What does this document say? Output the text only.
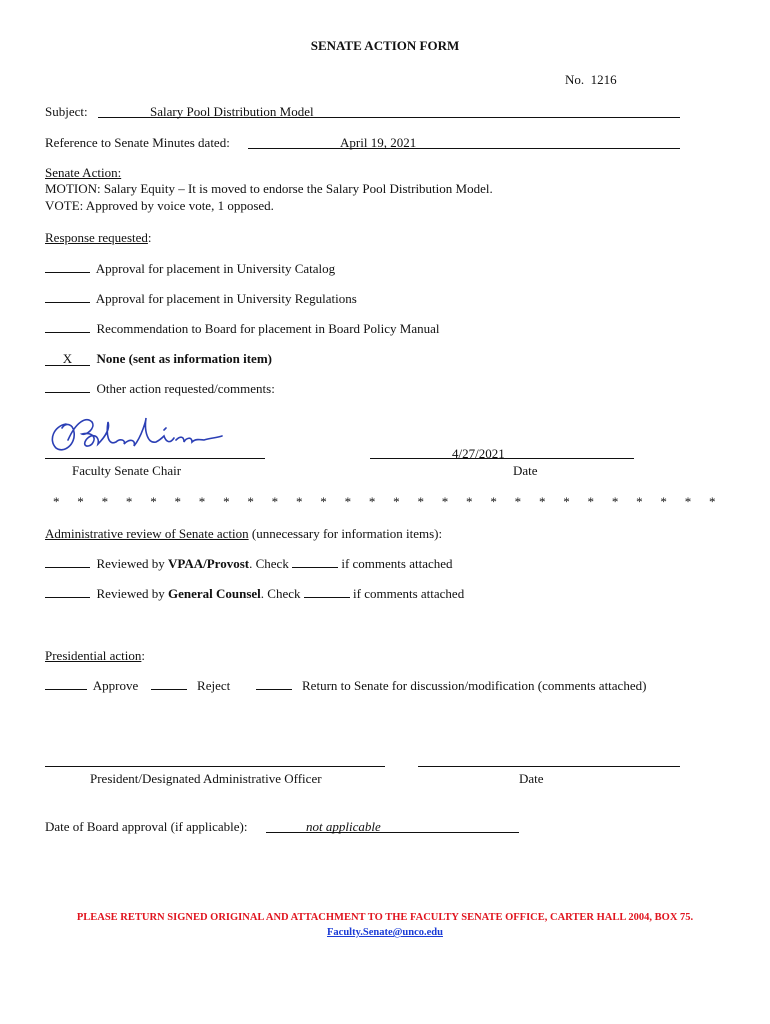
SENATE ACTION FORM
No. 1216
Subject:	Salary Pool Distribution Model
Reference to Senate Minutes dated:	April 19, 2021
Senate Action:
MOTION: Salary Equity – It is moved to endorse the Salary Pool Distribution Model.
VOTE: Approved by voice vote, 1 opposed.
Response requested:
Approval for placement in University Catalog
Approval for placement in University Regulations
Recommendation to Board for placement in Board Policy Manual
X None (sent as information item)
Other action requested/comments:
Faculty Senate Chair
4/27/2021
Date
* * * * * * * * * * * * * * * * * * * * * * * * * * * *
Administrative review of Senate action (unnecessary for information items):
Reviewed by VPAA/Provost. Check	if comments attached
Reviewed by General Counsel. Check	if comments attached
Presidential action:
Approve	Reject	Return to Senate for discussion/modification (comments attached)
President/Designated Administrative Officer	Date
Date of Board approval (if applicable):	not applicable
PLEASE RETURN SIGNED ORIGINAL AND ATTACHMENT TO THE FACULTY SENATE OFFICE, CARTER HALL 2004, BOX 75.
Faculty.Senate@unco.edu
